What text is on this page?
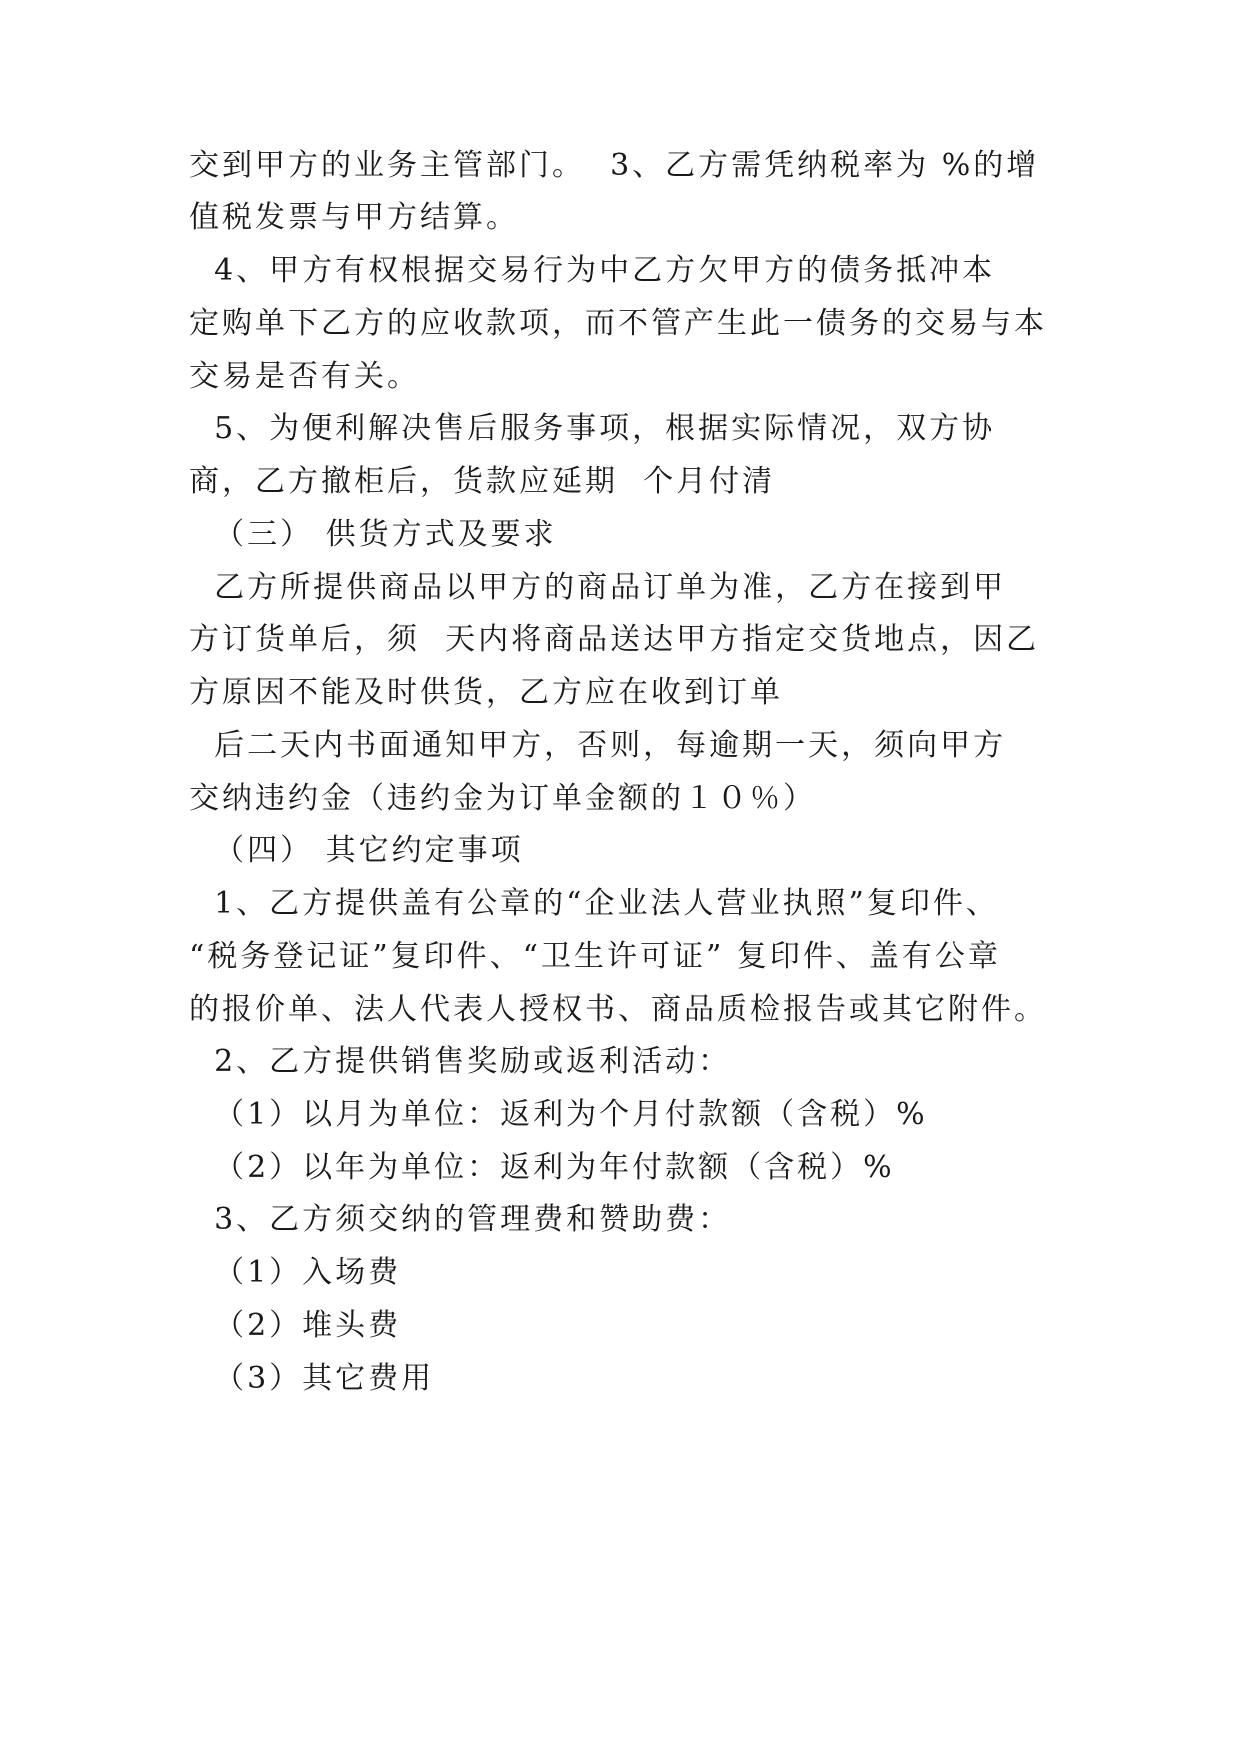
交到甲方的业务主管部门。  3、乙方需凭纳税率为 %的增
值税发票与甲方结算。
4、甲方有权根据交易行为中乙方欠甲方的债务抵冲本
定购单下乙方的应收款项，而不管产生此一债务的交易与本
交易是否有关。
5、为便利解决售后服务事项，根据实际情况，双方协
商，乙方撤柜后，货款应延期  个月付清
（三） 供货方式及要求
乙方所提供商品以甲方的商品订单为准，乙方在接到甲
方订货单后，须  天内将商品送达甲方指定交货地点，因乙
方原因不能及时供货，乙方应在收到订单
后二天内书面通知甲方，否则，每逾期一天，须向甲方
交纳违约金（违约金为订单金额的１０％）
（四） 其它约定事项
1、乙方提供盖有公章的“企业法人营业执照”复印件、
“税务登记证”复印件、“卫生许可证” 复印件、盖有公章
的报价单、法人代表人授权书、商品质检报告或其它附件。
2、乙方提供销售奖励或返利活动：
（1）以月为单位：返利为个月付款额（含税）%
（2）以年为单位：返利为年付款额（含税）%
3、乙方须交纳的管理费和赞助费：
（1）入场费
（2）堆头费
（3）其它费用
